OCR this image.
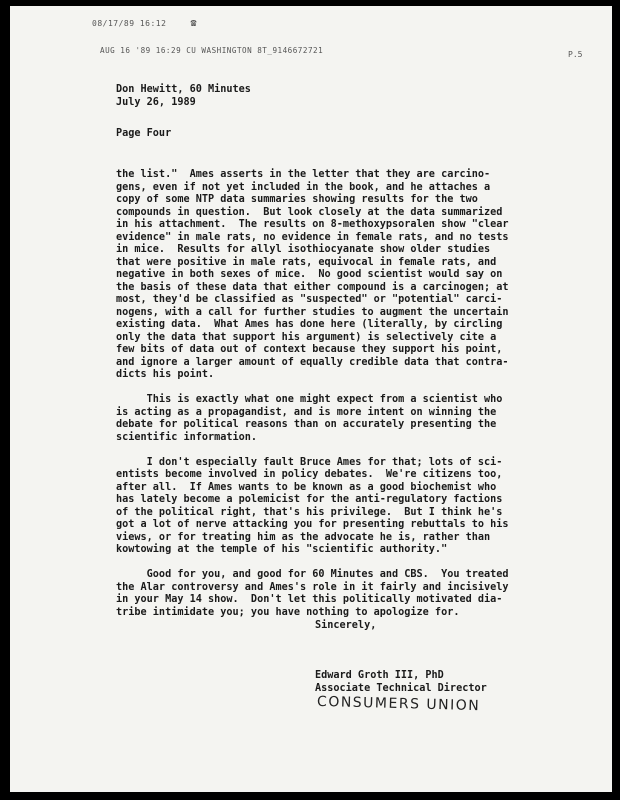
08/17/89 16:12 ☎
AUG 16 '89 16:29 CU WASHINGTON 8T_9146672721	P.5
Don Hewitt, 60 Minutes
July 26, 1989
Page Four

the list."  Ames asserts in the letter that they are carcino-
gens, even if not yet included in the book, and he attaches a
copy of some NTP data summaries showing results for the two
compounds in question.  But look closely at the data summarized
in his attachment.  The results on 8-methoxypsoralen show "clear
evidence" in male rats, no evidence in female rats, and no tests
in mice.  Results for allyl isothiocyanate show older studies
that were positive in male rats, equivocal in female rats, and
negative in both sexes of mice.  No good scientist would say on
the basis of these data that either compound is a carcinogen; at
most, they'd be classified as "suspected" or "potential" carci-
nogens, with a call for further studies to augment the uncertain
existing data.  What Ames has done here (literally, by circling
only the data that support his argument) is selectively cite a
few bits of data out of context because they support his point,
and ignore a larger amount of equally credible data that contra-
dicts his point.

This is exactly what one might expect from a scientist who
is acting as a propagandist, and is more intent on winning the
debate for political reasons than on accurately presenting the
scientific information.

I don't especially fault Bruce Ames for that; lots of sci-
entists become involved in policy debates.  We're citizens too,
after all.  If Ames wants to be known as a good biochemist who
has lately become a polemicist for the anti-regulatory factions
of the political right, that's his privilege.  But I think he's
got a lot of nerve attacking you for presenting rebuttals to his
views, or for treating him as the advocate he is, rather than
kowtowing at the temple of his "scientific authority."

Good for you, and good for 60 Minutes and CBS.  You treated
the Alar controversy and Ames's role in it fairly and incisively
in your May 14 show.  Don't let this politically motivated dia-
tribe intimidate you; you have nothing to apologize for.

Sincerely,
Edward Groth III, PhD
Associate Technical Director
CONSUMERS UNION
